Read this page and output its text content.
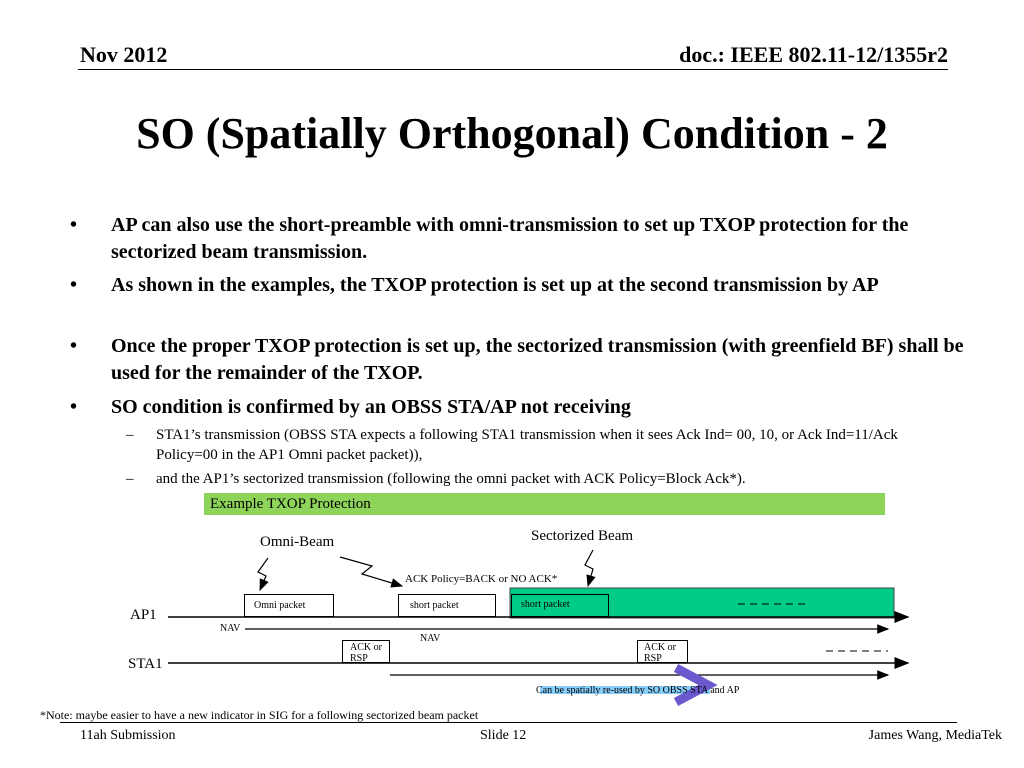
Nov 2012	doc.: IEEE 802.11-12/1355r2
SO (Spatially Orthogonal) Condition - 2
• AP can also use the short-preamble with omni-transmission to set up TXOP protection for the sectorized beam transmission.
• As shown in the examples, the TXOP protection is set up at the second transmission by AP
• Once the proper TXOP protection is set up, the sectorized transmission (with greenfield BF) shall be used for the remainder of the TXOP.
• SO condition is confirmed by an OBSS STA/AP not receiving
– STA1’s transmission (OBSS STA expects a following STA1 transmission when it sees Ack Ind= 00, 10, or Ack Ind=11/Ack Policy=00 in the AP1 Omni packet packet)),
– and the AP1’s sectorized transmission (following the omni packet with ACK Policy=Block Ack*).
Example TXOP Protection
Omni-Beam	Sectorized Beam
ACK Policy=BACK or NO ACK*
AP1
STA1
Omni packet	short packet	short packet
NAV
NAV
ACK or RSP
ACK or RSP
Can be spatially re-used by SO OBSS STA and AP
*Note: maybe easier to have a new indicator in SIG for a following sectorized beam packet
11ah Submission	Slide 12	James Wang, MediaTek
